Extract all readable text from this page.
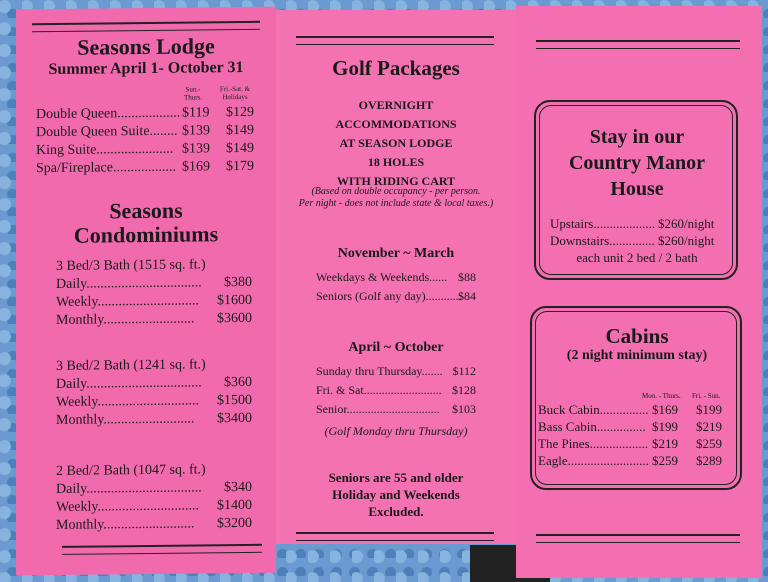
Seasons Lodge
Summer April 1- October 31
Sun.-
Thurs.
Fri.-Sat. &
Holidays
Double Queen.................. $119 $129
Double Queen Suite........ $139 $149
King Suite...................... $139 $149
Spa/Fireplace.................. $169 $179
Seasons
Condominiums
3 Bed/3 Bath (1515 sq. ft.)
Daily.................................	$380
Weekly.............................	$1600
Monthly..........................	$3600
3 Bed/2 Bath (1241 sq. ft.)
Daily.................................	$360
Weekly.............................	$1500
Monthly..........................	$3400
2 Bed/2 Bath (1047 sq. ft.)
Daily.................................	$340
Weekly.............................	$1400
Monthly..........................	$3200
Golf Packages
OVERNIGHT
ACCOMMODATIONS
AT SEASON LODGE
18 HOLES
WITH RIDING CART
(Based on double occupancy - per person.
Per night - does not include state & local taxes.)
November ~ March
Weekdays & Weekends...... $88
Seniors (Golf any day)............
$84
April ~ October
Sunday thru Thursday....... $112
Fri. & Sat.......................... $128
Senior...............................	$103
(Golf Monday thru Thursday)
Seniors are 55 and older
Holiday and Weekends
Excluded.
Stay in our
Country Manor
House
Upstairs................... $260/night
Downstairs.............. $260/night
each unit 2 bed / 2 bath
Cabins
(2 night minimum stay)
Mon. - Thurs. Fri. - Sun.
Buck Cabin............... $169 $199
Bass Cabin............... $199 $219
The Pines.................. $219 $259
Eagle......................... $259 $289
